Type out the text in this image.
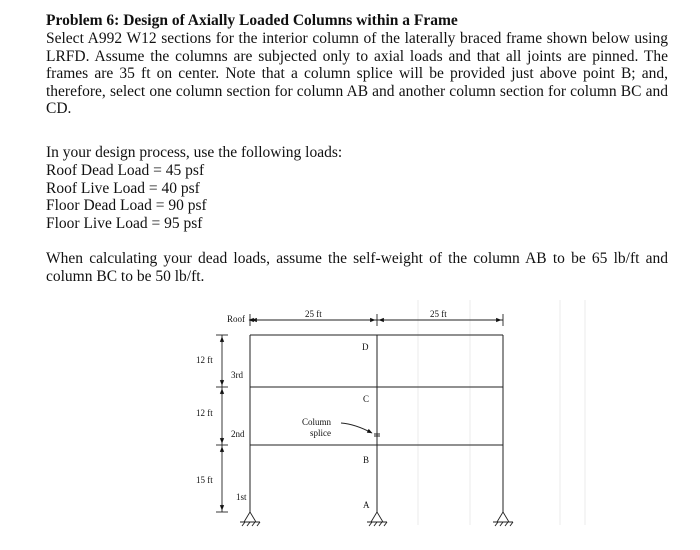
Problem 6: Design of Axially Loaded Columns within a Frame
Select A992 W12 sections for the interior column of the laterally braced frame shown below using LRFD. Assume the columns are subjected only to axial loads and that all joints are pinned. The frames are 35 ft on center. Note that a column splice will be provided just above point B; and, therefore, select one column section for column AB and another column section for column BC and CD.
In your design process, use the following loads:
Roof Dead Load = 45 psf
Roof Live Load = 40 psf
Floor Dead Load = 90 psf
Floor Live Load = 95 psf
When calculating your dead loads, assume the self-weight of the column AB to be 65 lb/ft and column BC to be 50 lb/ft.
25 ft	25 ft
12 ft
12 ft
15 ft
Roof
3rd
2nd
1st
D
C
B
A
Column
splice
